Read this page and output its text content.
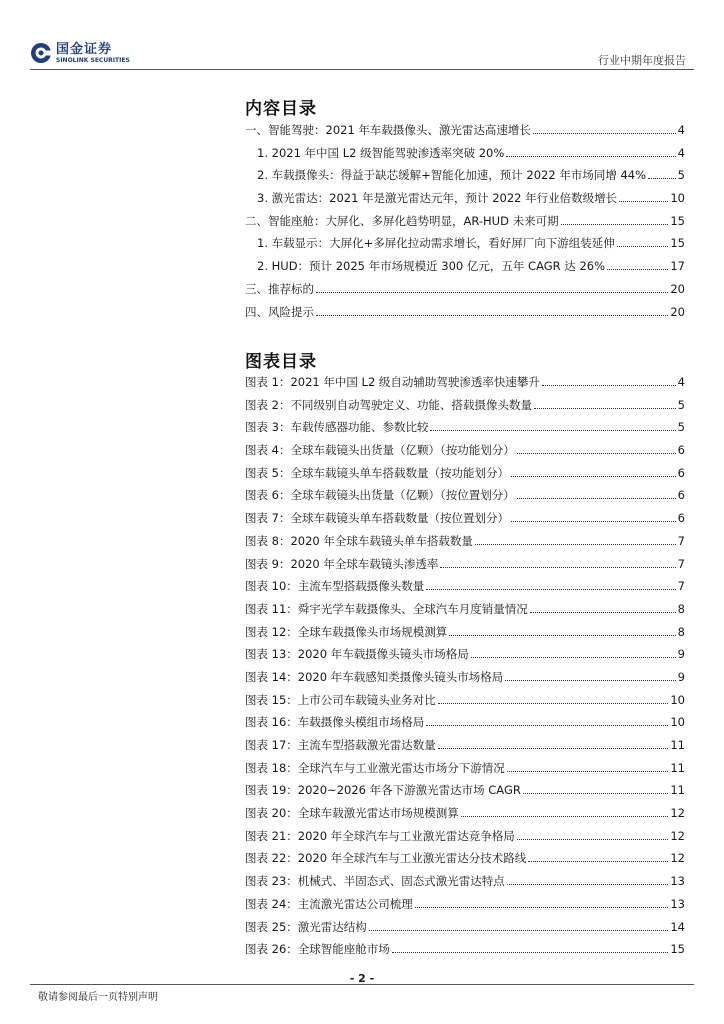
国金证券
SINOLINK SECURITIES	行业中期年度报告
内容目录
一、智能驾驶：2021 年车载摄像头、激光雷达高速增长	4
1. 2021 年中国 L2 级智能驾驶渗透率突破 20%	4
2. 车载摄像头：得益于缺芯缓解+智能化加速，预计 2022 年市场同增 44%	5
3. 激光雷达：2021 年是激光雷达元年，预计 2022 年行业倍数级增长	10
二、智能座舱：大屏化、多屏化趋势明显，AR-HUD 未来可期	15
1. 车载显示：大屏化+多屏化拉动需求增长，看好屏厂向下游组装延伸	15
2. HUD：预计 2025 年市场规模近 300 亿元，五年 CAGR 达 26%	17
三、推荐标的	20
四、风险提示	20
图表目录
图表 1：2021 年中国 L2 级自动辅助驾驶渗透率快速攀升	4
图表 2：不同级别自动驾驶定义、功能、搭载摄像头数量	5
图表 3：车载传感器功能、参数比较	5
图表 4：全球车载镜头出货量（亿颗）（按功能划分）	6
图表 5：全球车载镜头单车搭载数量（按功能划分）	6
图表 6：全球车载镜头出货量（亿颗）（按位置划分）	6
图表 7：全球车载镜头单车搭载数量（按位置划分）	6
图表 8：2020 年全球车载镜头单车搭载数量	7
图表 9：2020 年全球车载镜头渗透率	7
图表 10：主流车型搭载摄像头数量	7
图表 11：舜宇光学车载摄像头、全球汽车月度销量情况	8
图表 12：全球车载摄像头市场规模测算	8
图表 13：2020 年车载摄像头镜头市场格局	9
图表 14：2020 年车载感知类摄像头镜头市场格局	9
图表 15：上市公司车载镜头业务对比	10
图表 16：车载摄像头模组市场格局	10
图表 17：主流车型搭载激光雷达数量	11
图表 18：全球汽车与工业激光雷达市场分下游情况	11
图表 19：2020~2026 年各下游激光雷达市场 CAGR	11
图表 20：全球车载激光雷达市场规模测算	12
图表 21：2020 年全球汽车与工业激光雷达竞争格局	12
图表 22：2020 年全球汽车与工业激光雷达分技术路线	12
图表 23：机械式、半固态式、固态式激光雷达特点	13
图表 24：主流激光雷达公司梳理	13
图表 25：激光雷达结构	14
图表 26：全球智能座舱市场	15
- 2 -
敬请参阅最后一页特别声明
